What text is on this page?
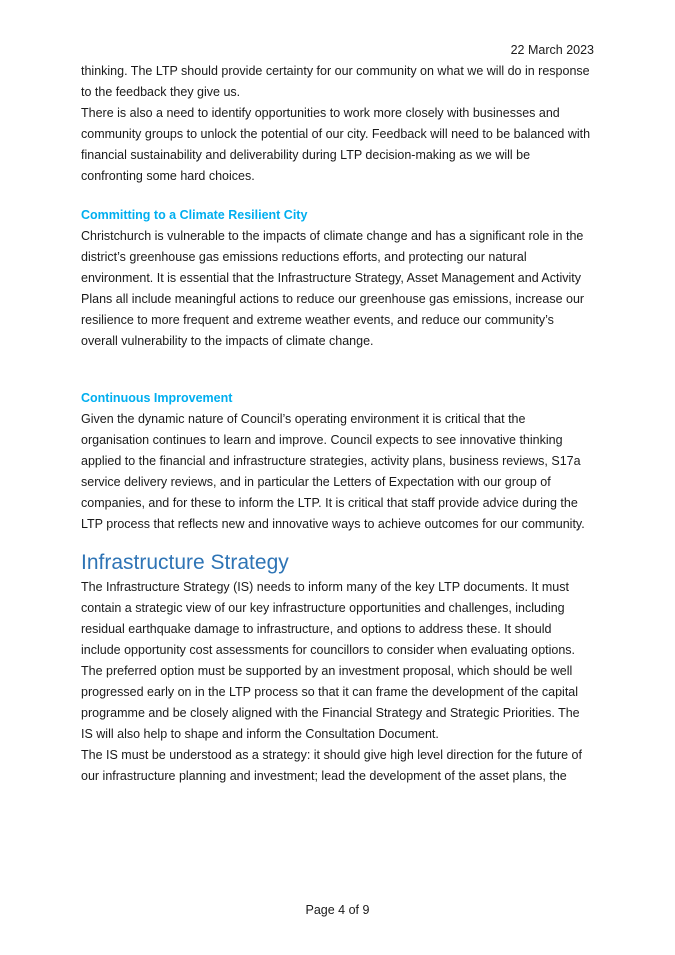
22 March 2023

thinking. The LTP should provide certainty for our community on what we will do in response to the feedback they give us.

There is also a need to identify opportunities to work more closely with businesses and community groups to unlock the potential of our city. Feedback will need to be balanced with financial sustainability and deliverability during LTP decision-making as we will be confronting some hard choices.

Committing to a Climate Resilient City

Christchurch is vulnerable to the impacts of climate change and has a significant role in the district’s greenhouse gas emissions reductions efforts, and protecting our natural environment. It is essential that the Infrastructure Strategy, Asset Management and Activity Plans all include meaningful actions to reduce our greenhouse gas emissions, increase our resilience to more frequent and extreme weather events, and reduce our community’s overall vulnerability to the impacts of climate change.

Continuous Improvement

Given the dynamic nature of Council’s operating environment it is critical that the organisation continues to learn and improve. Council expects to see innovative thinking applied to the financial and infrastructure strategies, activity plans, business reviews, S17a service delivery reviews, and in particular the Letters of Expectation with our group of companies, and for these to inform the LTP. It is critical that staff provide advice during the LTP process that reflects new and innovative ways to achieve outcomes for our community.

Infrastructure Strategy

The Infrastructure Strategy (IS) needs to inform many of the key LTP documents. It must contain a strategic view of our key infrastructure opportunities and challenges, including residual earthquake damage to infrastructure, and options to address these. It should include opportunity cost assessments for councillors to consider when evaluating options. The preferred option must be supported by an investment proposal, which should be well progressed early on in the LTP process so that it can frame the development of the capital programme and be closely aligned with the Financial Strategy and Strategic Priorities. The IS will also help to shape and inform the Consultation Document.

The IS must be understood as a strategy: it should give high level direction for the future of our infrastructure planning and investment; lead the development of the asset plans, the

Page 4 of 9
